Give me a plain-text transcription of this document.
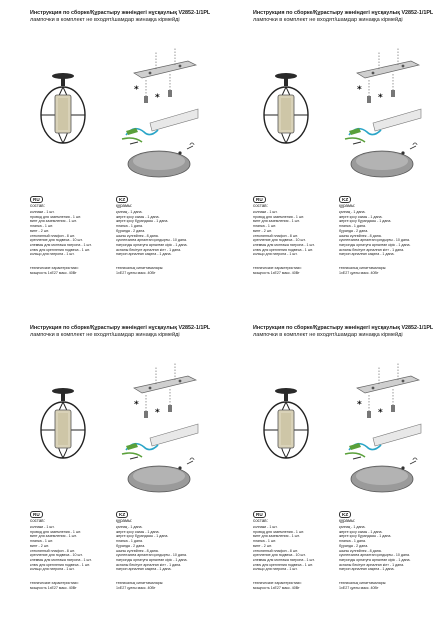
Инструкция по сборке/Құрастыру жөніндегі нұсқаулық V2852-1/1PL
лампочки в комплект не входят/шамдар жинаққа кірмейді
*
*
RU
состав:
колпаки - 1 шт.
провод для заземления - 1 шт.
винт для заземления - 1 шт.
планка - 1 шт.
винт - 2 шт.
стеклянный плафон - 8 шт.
крепление для подвеса - 10 шт.
клеммы для монтажа патрона - 1 шт.
ключ для крепления подвеса - 1 шт.
кольцо для патрона - 1 шт.
технические характеристики:
мощность 1xE27 макс. 40Вт
KZ
құрамы:
қалпақ - 1 дана.
жерге қосу сымы - 1 дана.
жерге қосу бұрандасы - 1 дана.
планка - 1 дана.
бұранда - 2 дана.
шыны күлгөйлек - 8 дана.
суспензияға арналған қондырғы - 10 дана.
патронды орнатуға арналған кіріс - 1 дана.
аспаны бекітуге арналған кілт - 1 дана.
патрон арналған сақина - 1 дана.
техникалық сипаттамалары:
1xE27 қуаты макс. 40Вт
Инструкция по сборке/Құрастыру жөніндегі нұсқаулық V2852-1/1PL
лампочки в комплект не входят/шамдар жинаққа кірмейді
*
*
RU
состав:
колпаки - 1 шт.
провод для заземления - 1 шт.
винт для заземления - 1 шт.
планка - 1 шт.
винт - 2 шт.
стеклянный плафон - 8 шт.
крепление для подвеса - 10 шт.
клеммы для монтажа патрона - 1 шт.
ключ для крепления подвеса - 1 шт.
кольцо для патрона - 1 шт.
технические характеристики:
мощность 1xE27 макс. 40Вт
KZ
құрамы:
қалпақ - 1 дана.
жерге қосу сымы - 1 дана.
жерге қосу бұрандасы - 1 дана.
планка - 1 дана.
бұранда - 2 дана.
шыны күлгөйлек - 8 дана.
суспензияға арналған қондырғы - 10 дана.
патронды орнатуға арналған кіріс - 1 дана.
аспаны бекітуге арналған кілт - 1 дана.
патрон арналған сақина - 1 дана.
техникалық сипаттамалары:
1xE27 қуаты макс. 40Вт
Инструкция по сборке/Құрастыру жөніндегі нұсқаулық V2852-1/1PL
лампочки в комплект не входят/шамдар жинаққа кірмейді
*
*
RU
состав:
колпаки - 1 шт.
провод для заземления - 1 шт.
винт для заземления - 1 шт.
планка - 1 шт.
винт - 2 шт.
стеклянный плафон - 8 шт.
крепление для подвеса - 10 шт.
клеммы для монтажа патрона - 1 шт.
ключ для крепления подвеса - 1 шт.
кольцо для патрона - 1 шт.
технические характеристики:
мощность 1xE27 макс. 40Вт
KZ
құрамы:
қалпақ - 1 дана.
жерге қосу сымы - 1 дана.
жерге қосу бұрандасы - 1 дана.
планка - 1 дана.
бұранда - 2 дана.
шыны күлгөйлек - 8 дана.
суспензияға арналған қондырғы - 10 дана.
патронды орнатуға арналған кіріс - 1 дана.
аспаны бекітуге арналған кілт - 1 дана.
патрон арналған сақина - 1 дана.
техникалық сипаттамалары:
1xE27 қуаты макс. 40Вт
Инструкция по сборке/Құрастыру жөніндегі нұсқаулық V2852-1/1PL
лампочки в комплект не входят/шамдар жинаққа кірмейді
*
*
RU
состав:
колпаки - 1 шт.
провод для заземления - 1 шт.
винт для заземления - 1 шт.
планка - 1 шт.
винт - 2 шт.
стеклянный плафон - 8 шт.
крепление для подвеса - 10 шт.
клеммы для монтажа патрона - 1 шт.
ключ для крепления подвеса - 1 шт.
кольцо для патрона - 1 шт.
технические характеристики:
мощность 1xE27 макс. 40Вт
KZ
құрамы:
қалпақ - 1 дана.
жерге қосу сымы - 1 дана.
жерге қосу бұрандасы - 1 дана.
планка - 1 дана.
бұранда - 2 дана.
шыны күлгөйлек - 8 дана.
суспензияға арналған қондырғы - 10 дана.
патронды орнатуға арналған кіріс - 1 дана.
аспаны бекітуге арналған кілт - 1 дана.
патрон арналған сақина - 1 дана.
техникалық сипаттамалары:
1xE27 қуаты макс. 40Вт
